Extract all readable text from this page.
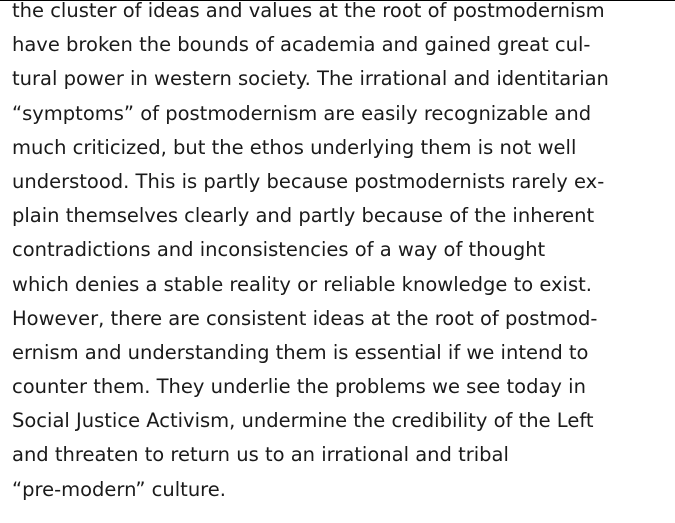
the cluster of ideas and values at the root of postmodernism
have broken the bounds of academia and gained great cul-
tural power in western society. The irrational and identitarian
“symptoms” of postmodernism are easily recognizable and
much criticized, but the ethos underlying them is not well
understood. This is partly because postmodernists rarely ex-
plain themselves clearly and partly because of the inherent
contradictions and inconsistencies of a way of thought
which denies a stable reality or reliable knowledge to exist.
However, there are consistent ideas at the root of postmod-
ernism and understanding them is essential if we intend to
counter them. They underlie the problems we see today in
Social Justice Activism, undermine the credibility of the Left
and threaten to return us to an irrational and tribal
“pre-modern” culture.
